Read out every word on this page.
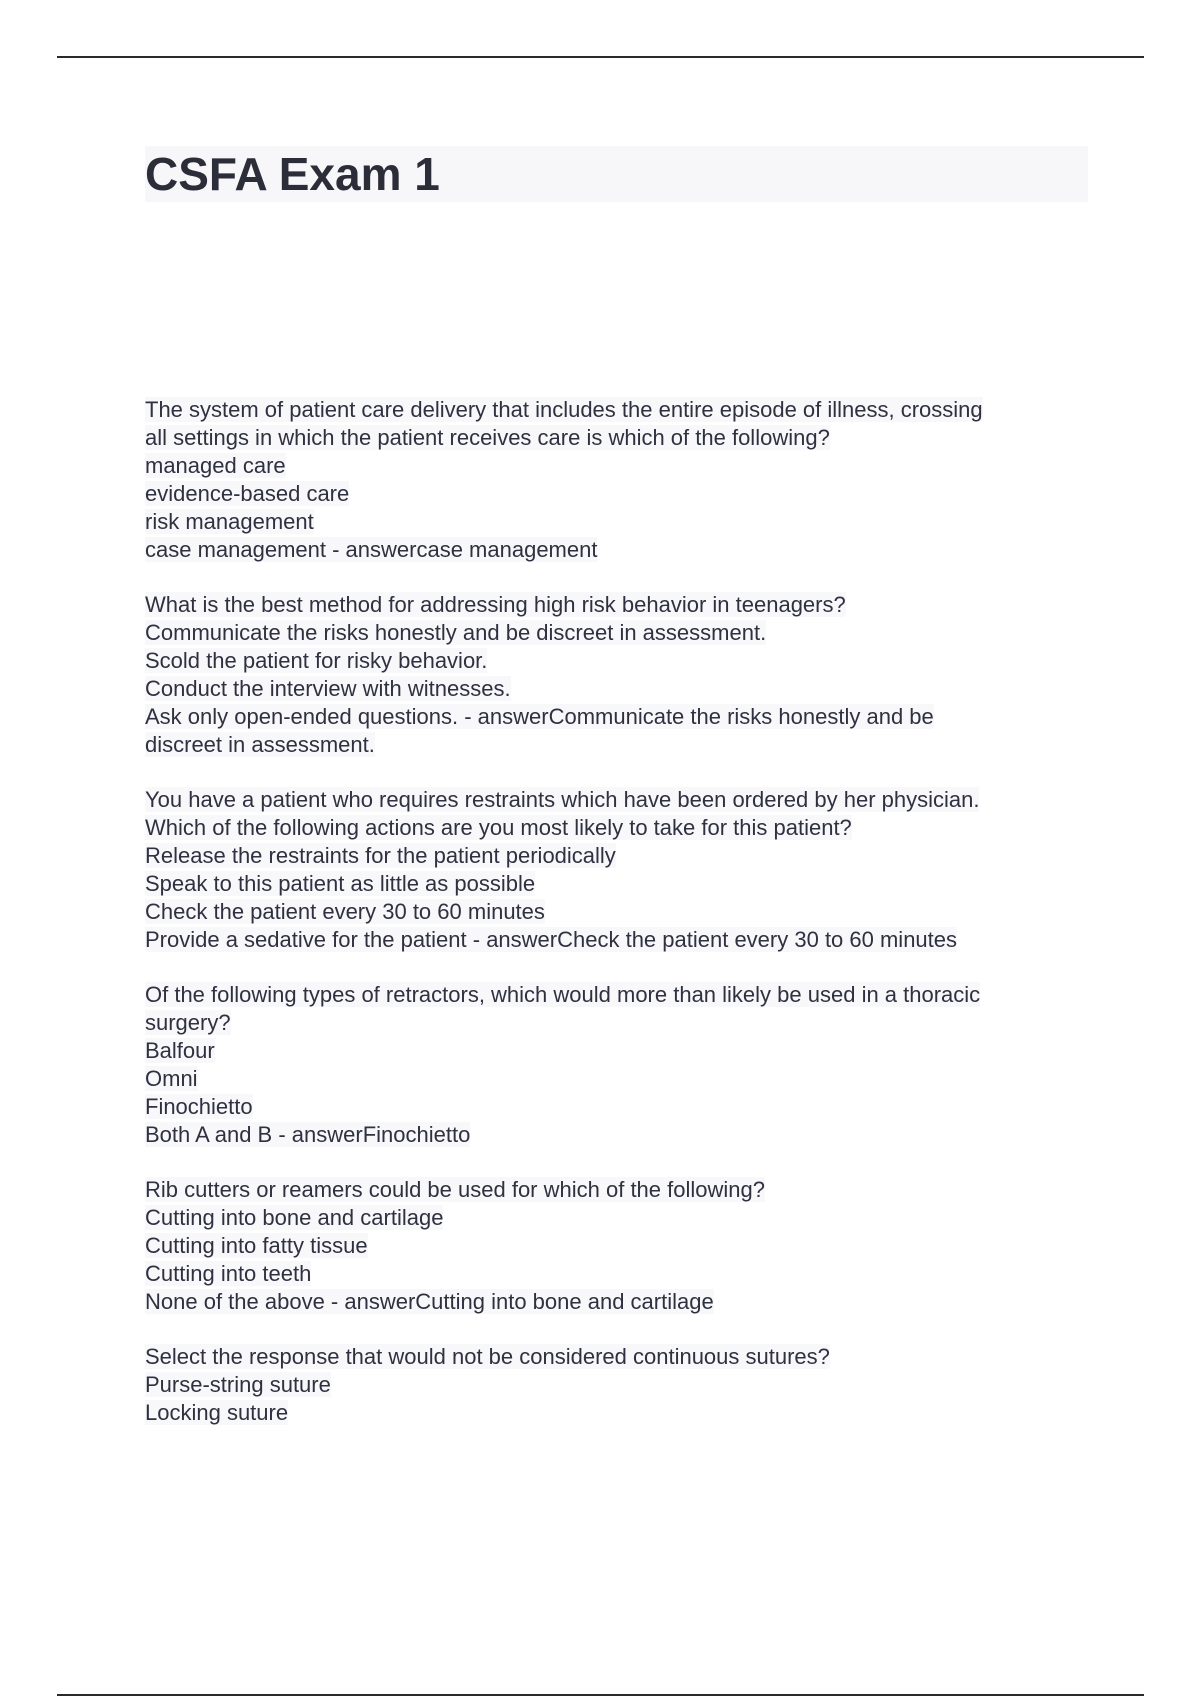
CSFA Exam 1
The system of patient care delivery that includes the entire episode of illness, crossing
all settings in which the patient receives care is which of the following?
managed care
evidence-based care
risk management
case management - answercase management
What is the best method for addressing high risk behavior in teenagers?
Communicate the risks honestly and be discreet in assessment.
Scold the patient for risky behavior.
Conduct the interview with witnesses.
Ask only open-ended questions. - answerCommunicate the risks honestly and be
discreet in assessment.
You have a patient who requires restraints which have been ordered by her physician.
Which of the following actions are you most likely to take for this patient?
Release the restraints for the patient periodically
Speak to this patient as little as possible
Check the patient every 30 to 60 minutes
Provide a sedative for the patient - answerCheck the patient every 30 to 60 minutes
Of the following types of retractors, which would more than likely be used in a thoracic
surgery?
Balfour
Omni
Finochietto
Both A and B - answerFinochietto
Rib cutters or reamers could be used for which of the following?
Cutting into bone and cartilage
Cutting into fatty tissue
Cutting into teeth
None of the above - answerCutting into bone and cartilage
Select the response that would not be considered continuous sutures?
Purse-string suture
Locking suture
